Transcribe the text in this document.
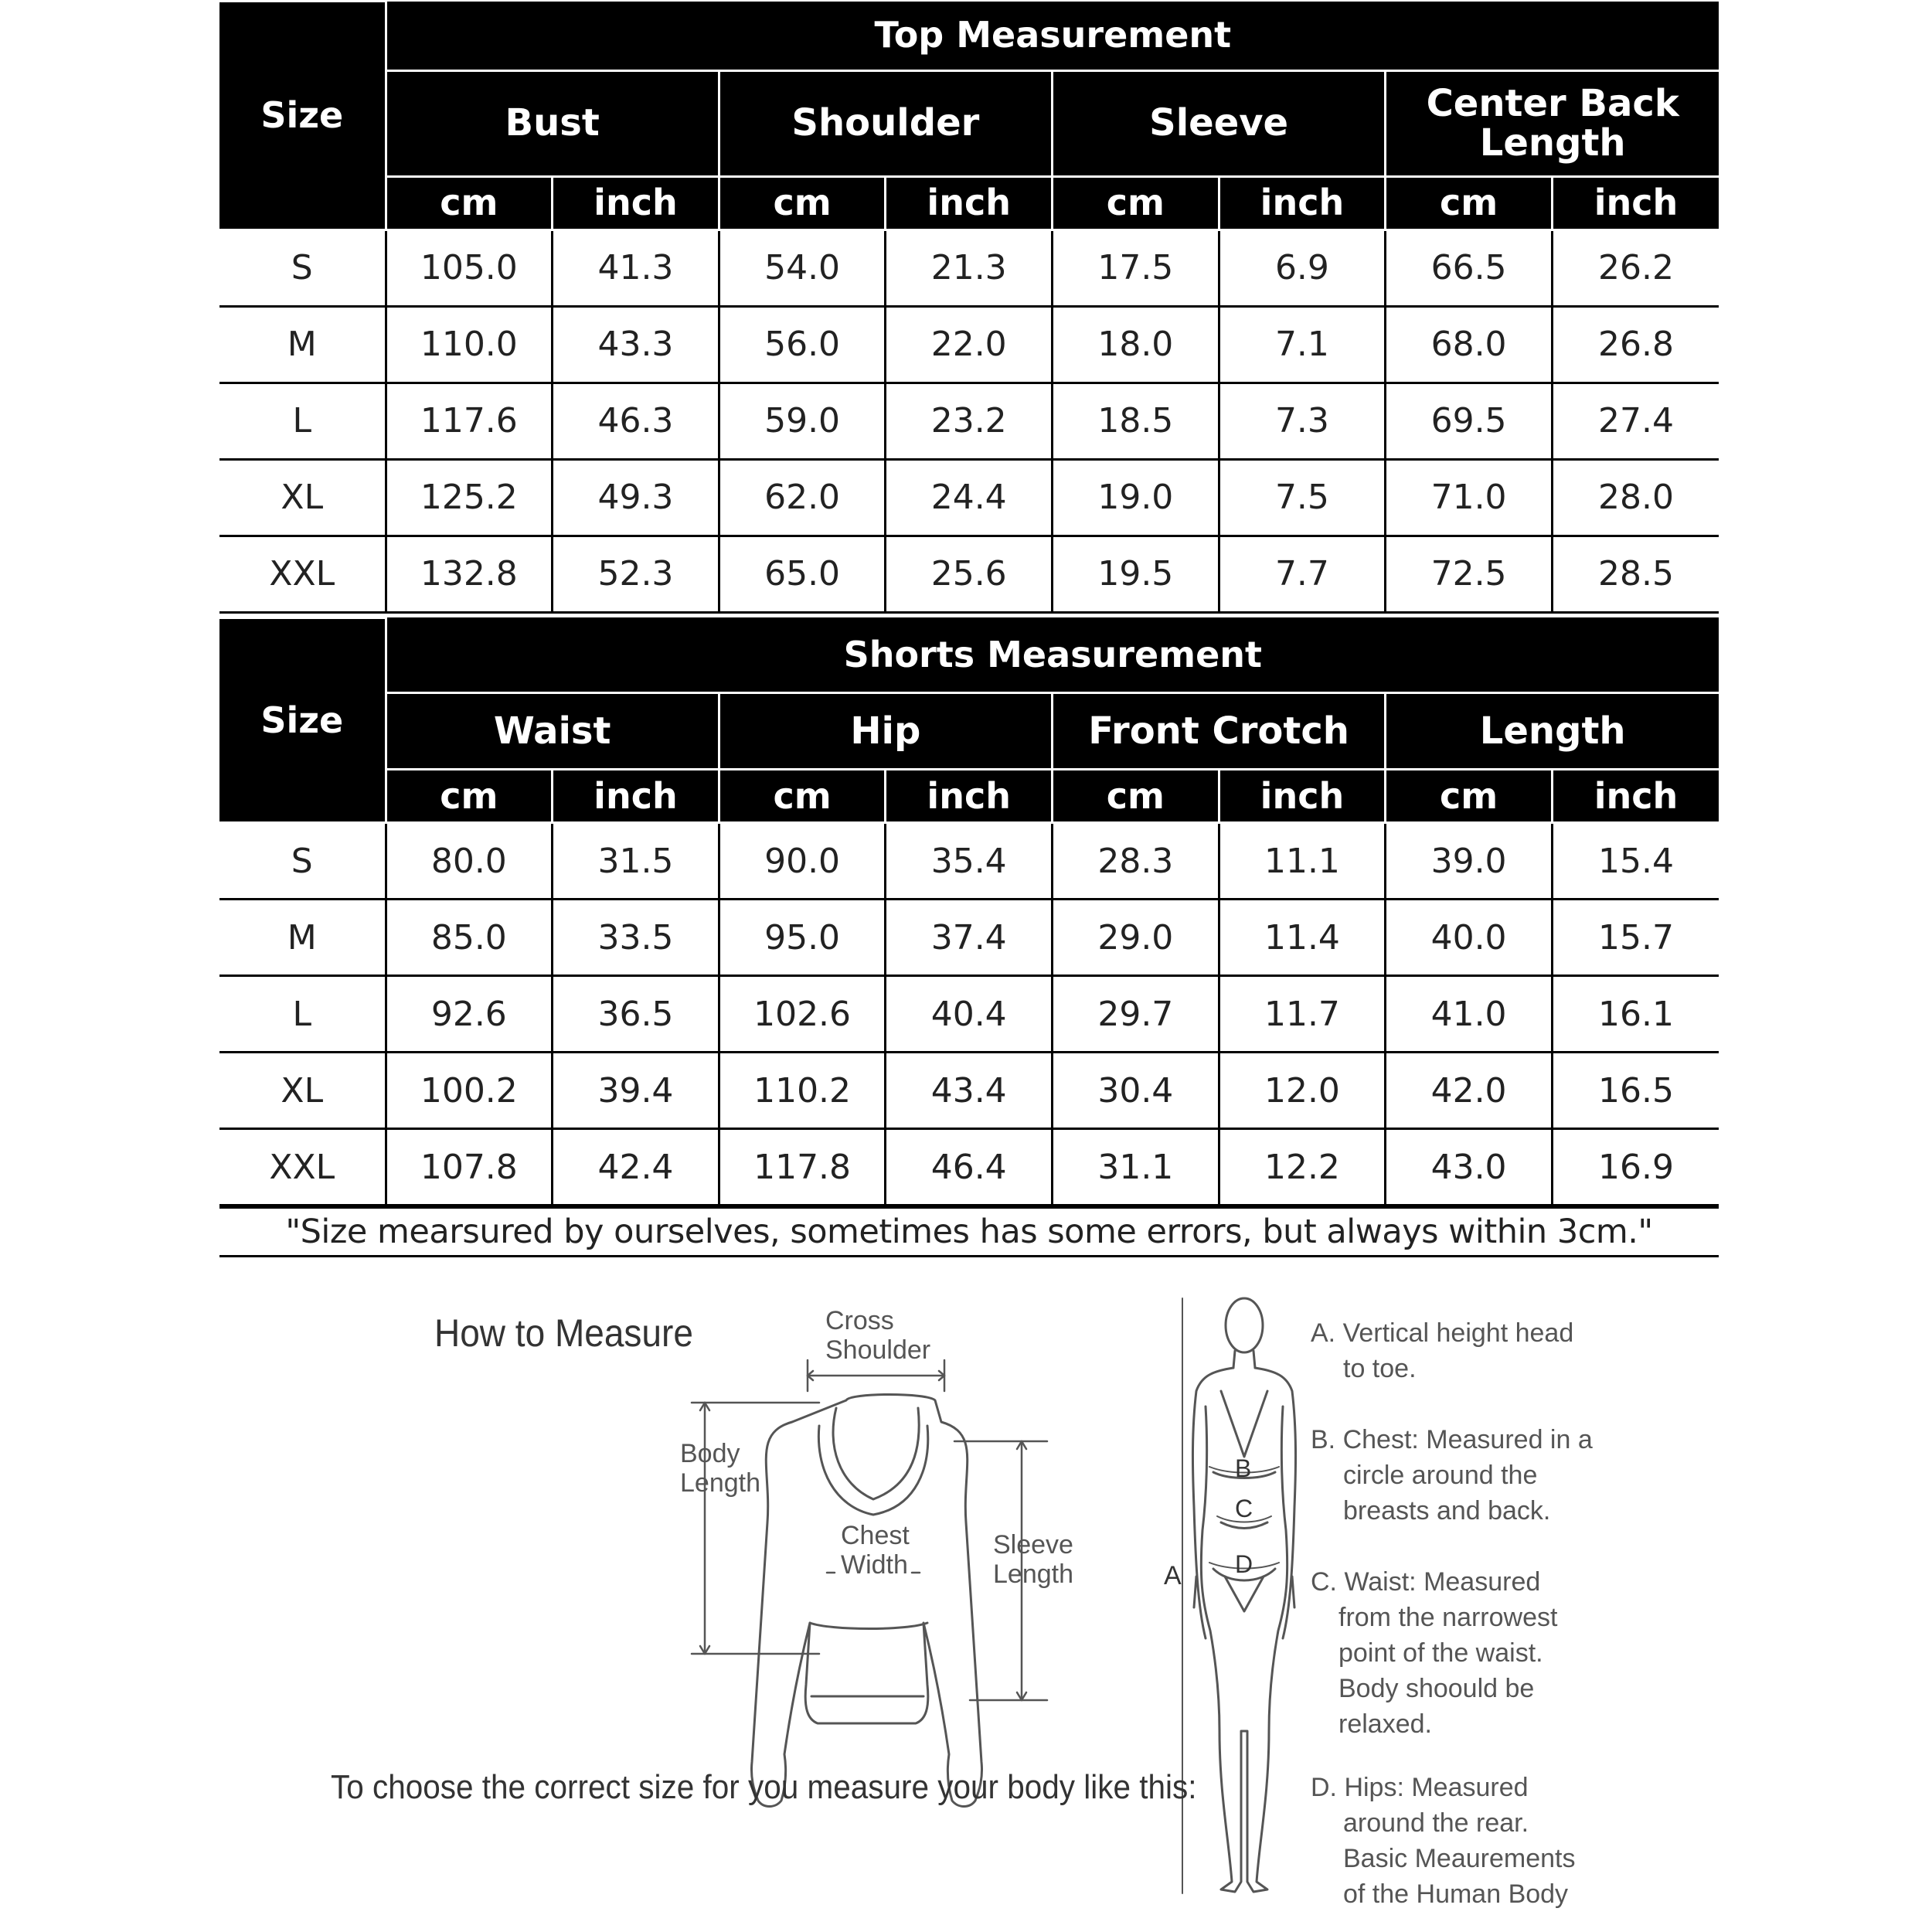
Size	Top Measurement							
	Bust		Shoulder		Sleeve		Center Back Length	
	cm	inch	cm	inch	cm	inch	cm	inch
S	105.0	41.3	54.0	21.3	17.5	6.9	66.5	26.2
M	110.0	43.3	56.0	22.0	18.0	7.1	68.0	26.8
L	117.6	46.3	59.0	23.2	18.5	7.3	69.5	27.4
XL	125.2	49.3	62.0	24.4	19.0	7.5	71.0	28.0
XXL	132.8	52.3	65.0	25.6	19.5	7.7	72.5	28.5
Size	Shorts Measurement							
	Waist		Hip		Front Crotch		Length	
	cm	inch	cm	inch	cm	inch	cm	inch
S	80.0	31.5	90.0	35.4	28.3	11.1	39.0	15.4
M	85.0	33.5	95.0	37.4	29.0	11.4	40.0	15.7
L	92.6	36.5	102.6	40.4	29.7	11.7	41.0	16.1
XL	100.2	39.4	110.2	43.4	30.4	12.0	42.0	16.5
XXL	107.8	42.4	117.8	46.4	31.1	12.2	43.0	16.9
"Size mearsured by ourselves, sometimes has some errors, but always within 3cm."
How to Measure	Cross
Shoulder
Body
Length
Chest
Width
Sleeve
Length	A
B
C
D
A. Vertical height head
to toe.
B. Chest: Measured in a
circle around the
breasts and back.
C. Waist: Measured
from the narrowest
point of the waist.
Body shoould be
relaxed.
D. Hips: Measured
around the rear.
Basic Meaurements
of the Human Body
To choose the correct size for you measure your body like this:
